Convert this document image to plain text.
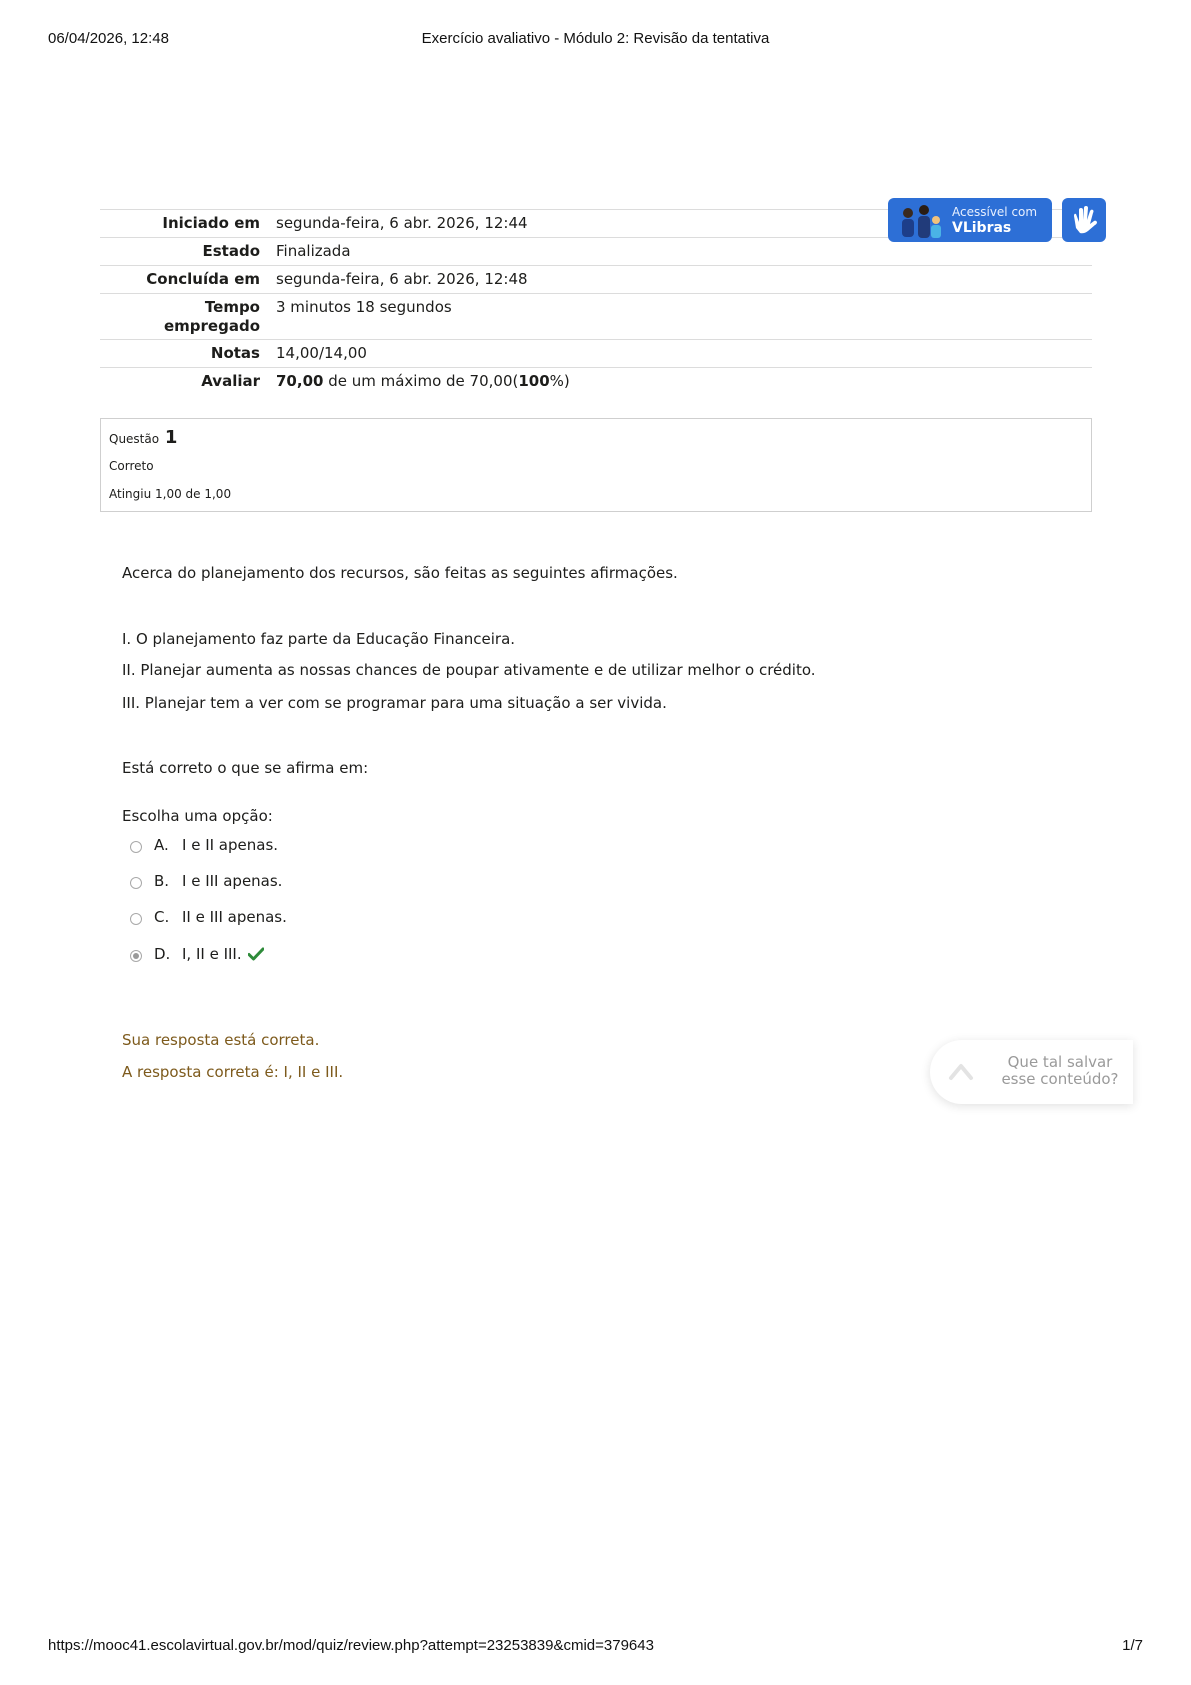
06/04/2026, 12:48	Exercício avaliativo - Módulo 2: Revisão da tentativa
Iniciado em	segunda-feira, 6 abr. 2026, 12:44
Estado	Finalizada
Concluída em	segunda-feira, 6 abr. 2026, 12:48
Tempo
empregado	3 minutos 18 segundos
Notas	14,00/14,00
Avaliar	70,00 de um máximo de 70,00(100%)
Acessível com
VLibras
Questão 1
Correto
Atingiu 1,00 de 1,00
Acerca do planejamento dos recursos, são feitas as seguintes afirmações.
I. O planejamento faz parte da Educação Financeira.
II. Planejar aumenta as nossas chances de poupar ativamente e de utilizar melhor o crédito.
III. Planejar tem a ver com se programar para uma situação a ser vivida.
Está correto o que se afirma em:
Escolha uma opção:
A. I e II apenas.
B. I e III apenas.
C. II e III apenas.
D. I, II e III.
Sua resposta está correta.
A resposta correta é: I, II e III.
Que tal salvar
esse conteúdo?
https://mooc41.escolavirtual.gov.br/mod/quiz/review.php?attempt=23253839&cmid=379643	1/7
